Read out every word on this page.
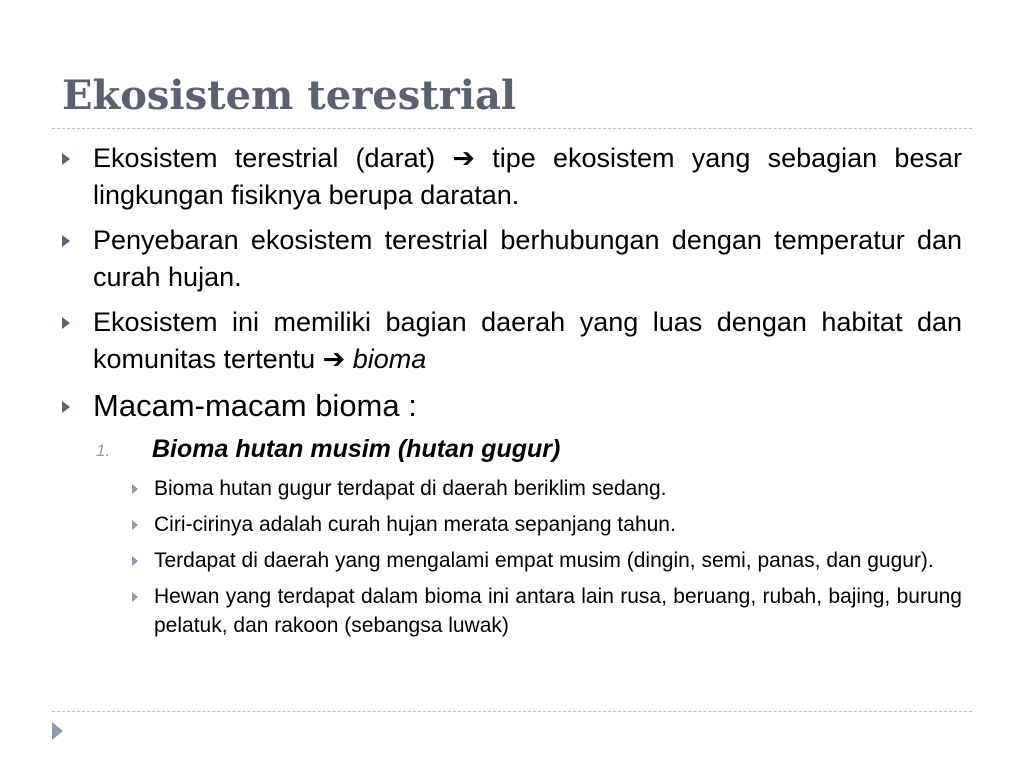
Ekosistem terestrial
Ekosistem terestrial (darat) ➔ tipe ekosistem yang sebagian besar lingkungan fisiknya berupa daratan.
Penyebaran ekosistem terestrial berhubungan dengan temperatur dan curah hujan.
Ekosistem ini memiliki bagian daerah yang luas dengan habitat dan komunitas tertentu ➔ bioma
Macam-macam bioma :
1. Bioma hutan musim (hutan gugur)
Bioma hutan gugur terdapat di daerah beriklim sedang.
Ciri-cirinya adalah curah hujan merata sepanjang tahun.
Terdapat di daerah yang mengalami empat musim (dingin, semi, panas, dan gugur).
Hewan yang terdapat dalam bioma ini antara lain rusa, beruang, rubah, bajing, burung pelatuk, dan rakoon (sebangsa luwak)
